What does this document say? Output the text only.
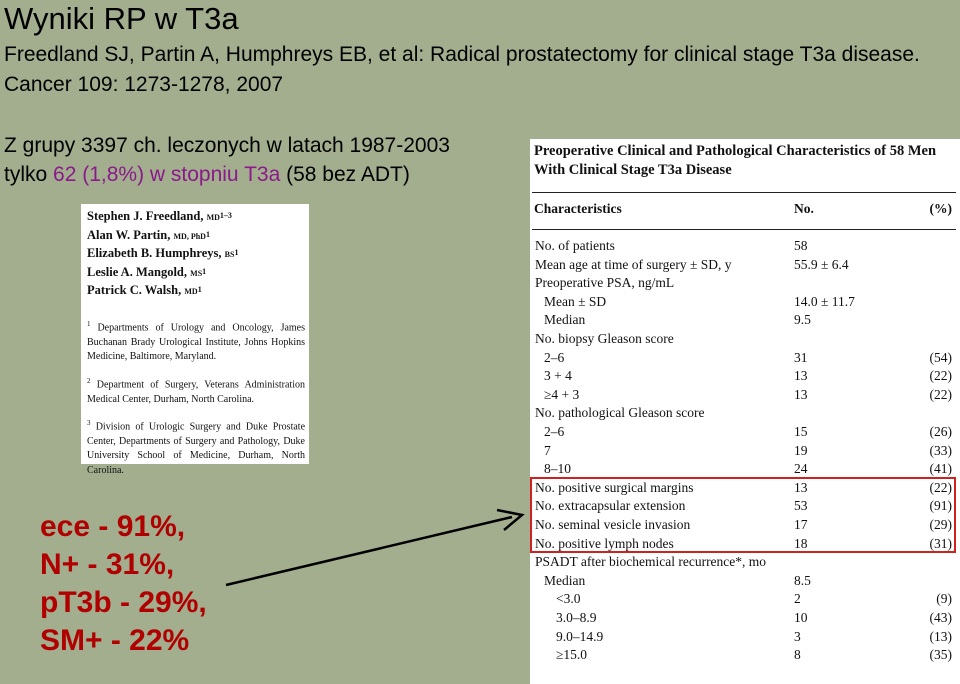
Wyniki RP w T3a
Freedland SJ, Partin A, Humphreys EB, et al: Radical prostatectomy for clinical stage T3a disease. Cancer 109: 1273-1278, 2007
Z grupy 3397 ch. leczonych w latach 1987-2003
tylko 62 (1,8%) w stopniu T3a (58 bez ADT)
Stephen J. Freedland, MD$^{1-3}$
Alan W. Partin, MD, PhD$^1$
Elizabeth B. Humphreys, $BS^1$
Leslie A. Mangold, $MS^1$
Patrick C. Walsh, $MD^1$
$^1$ Departments of Urology and Oncology, James Buchanan Brady Urological Institute, Johns Hopkins Medicine, Baltimore, Maryland.
$^2$ Department of Surgery, Veterans Administration Medical Center, Durham, North Carolina.
$^3$ Division of Urologic Surgery and Duke Prostate Center, Departments of Surgery and Pathology, Duke University School of Medicine, Durham, North Carolina.
ece - 91%,
N+ - 31%,
pT3b - 29%,
SM+ - 22%
Preoperative Clinical and Pathological Characteristics of 58 Men
With Clinical Stage T3a Disease
Characteristics	No.	(%)
No. of patients	58
Mean age at time of surgery ± SD, y	55.9 ± 6.4
Preoperative PSA, ng/mL
Mean ± SD	14.0 ± 11.7
Median	9.5
No. biopsy Gleason score
2–6	31	(54)
3 + 4	13	(22)
≥4 + 3	13	(22)
No. pathological Gleason score
2–6	15	(26)
7	19	(33)
8–10	24	(41)
No. positive surgical margins	13	(22)
No. extracapsular extension	53	(91)
No. seminal vesicle invasion	17	(29)
No. positive lymph nodes	18	(31)
PSADT after biochemical recurrence*, mo
Median	8.5
<3.0	2	(9)
3.0–8.9	10	(43)
9.0–14.9	3	(13)
≥15.0	8	(35)
